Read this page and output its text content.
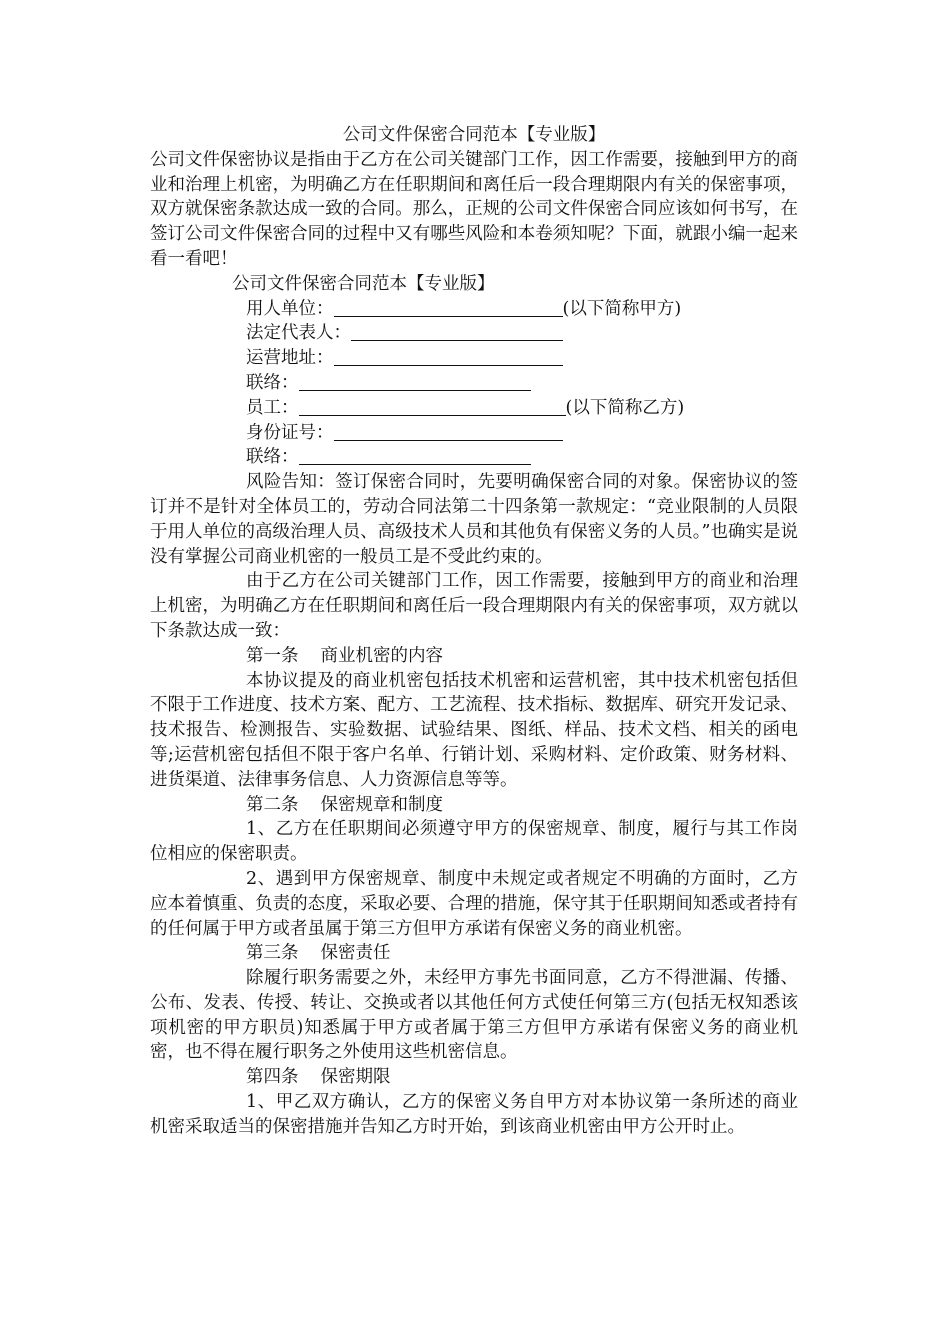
公司文件保密合同范本【专业版】

公司文件保密协议是指由于乙方在公司关键部门工作，因工作需要，接触到甲方的商业和治理上机密，为明确乙方在任职期间和离任后一段合理期限内有关的保密事项，双方就保密条款达成一致的合同。那么，正规的公司文件保密合同应该如何书写，在签订公司文件保密合同的过程中又有哪些风险和本卷须知呢？下面，就跟小编一起来看一看吧！

公司文件保密合同范本【专业版】

用人单位：	(以下简称甲方)

法定代表人：

运营地址：

联络：

员工：	(以下简称乙方)

身份证号：

联络：

风险告知：签订保密合同时，先要明确保密合同的对象。保密协议的签订并不是针对全体员工的，劳动合同法第二十四条第一款规定：“竞业限制的人员限于用人单位的高级治理人员、高级技术人员和其他负有保密义务的人员。”也确实是说没有掌握公司商业机密的一般员工是不受此约束的。

由于乙方在公司关键部门工作，因工作需要，接触到甲方的商业和治理上机密，为明确乙方在任职期间和离任后一段合理期限内有关的保密事项，双方就以下条款达成一致：

第一条 商业机密的内容

本协议提及的商业机密包括技术机密和运营机密，其中技术机密包括但不限于工作进度、技术方案、配方、工艺流程、技术指标、数据库、研究开发记录、技术报告、检测报告、实验数据、试验结果、图纸、样品、技术文档、相关的函电等;运营机密包括但不限于客户名单、行销计划、采购材料、定价政策、财务材料、进货渠道、法律事务信息、人力资源信息等等。

第二条 保密规章和制度

1、乙方在任职期间必须遵守甲方的保密规章、制度，履行与其工作岗位相应的保密职责。

2、遇到甲方保密规章、制度中未规定或者规定不明确的方面时，乙方应本着慎重、负责的态度，采取必要、合理的措施，保守其于任职期间知悉或者持有的任何属于甲方或者虽属于第三方但甲方承诺有保密义务的商业机密。

第三条 保密责任

除履行职务需要之外，未经甲方事先书面同意，乙方不得泄漏、传播、公布、发表、传授、转让、交换或者以其他任何方式使任何第三方(包括无权知悉该项机密的甲方职员)知悉属于甲方或者属于第三方但甲方承诺有保密义务的商业机密，也不得在履行职务之外使用这些机密信息。

第四条 保密期限

1、甲乙双方确认，乙方的保密义务自甲方对本协议第一条所述的商业机密采取适当的保密措施并告知乙方时开始，到该商业机密由甲方公开时止。
